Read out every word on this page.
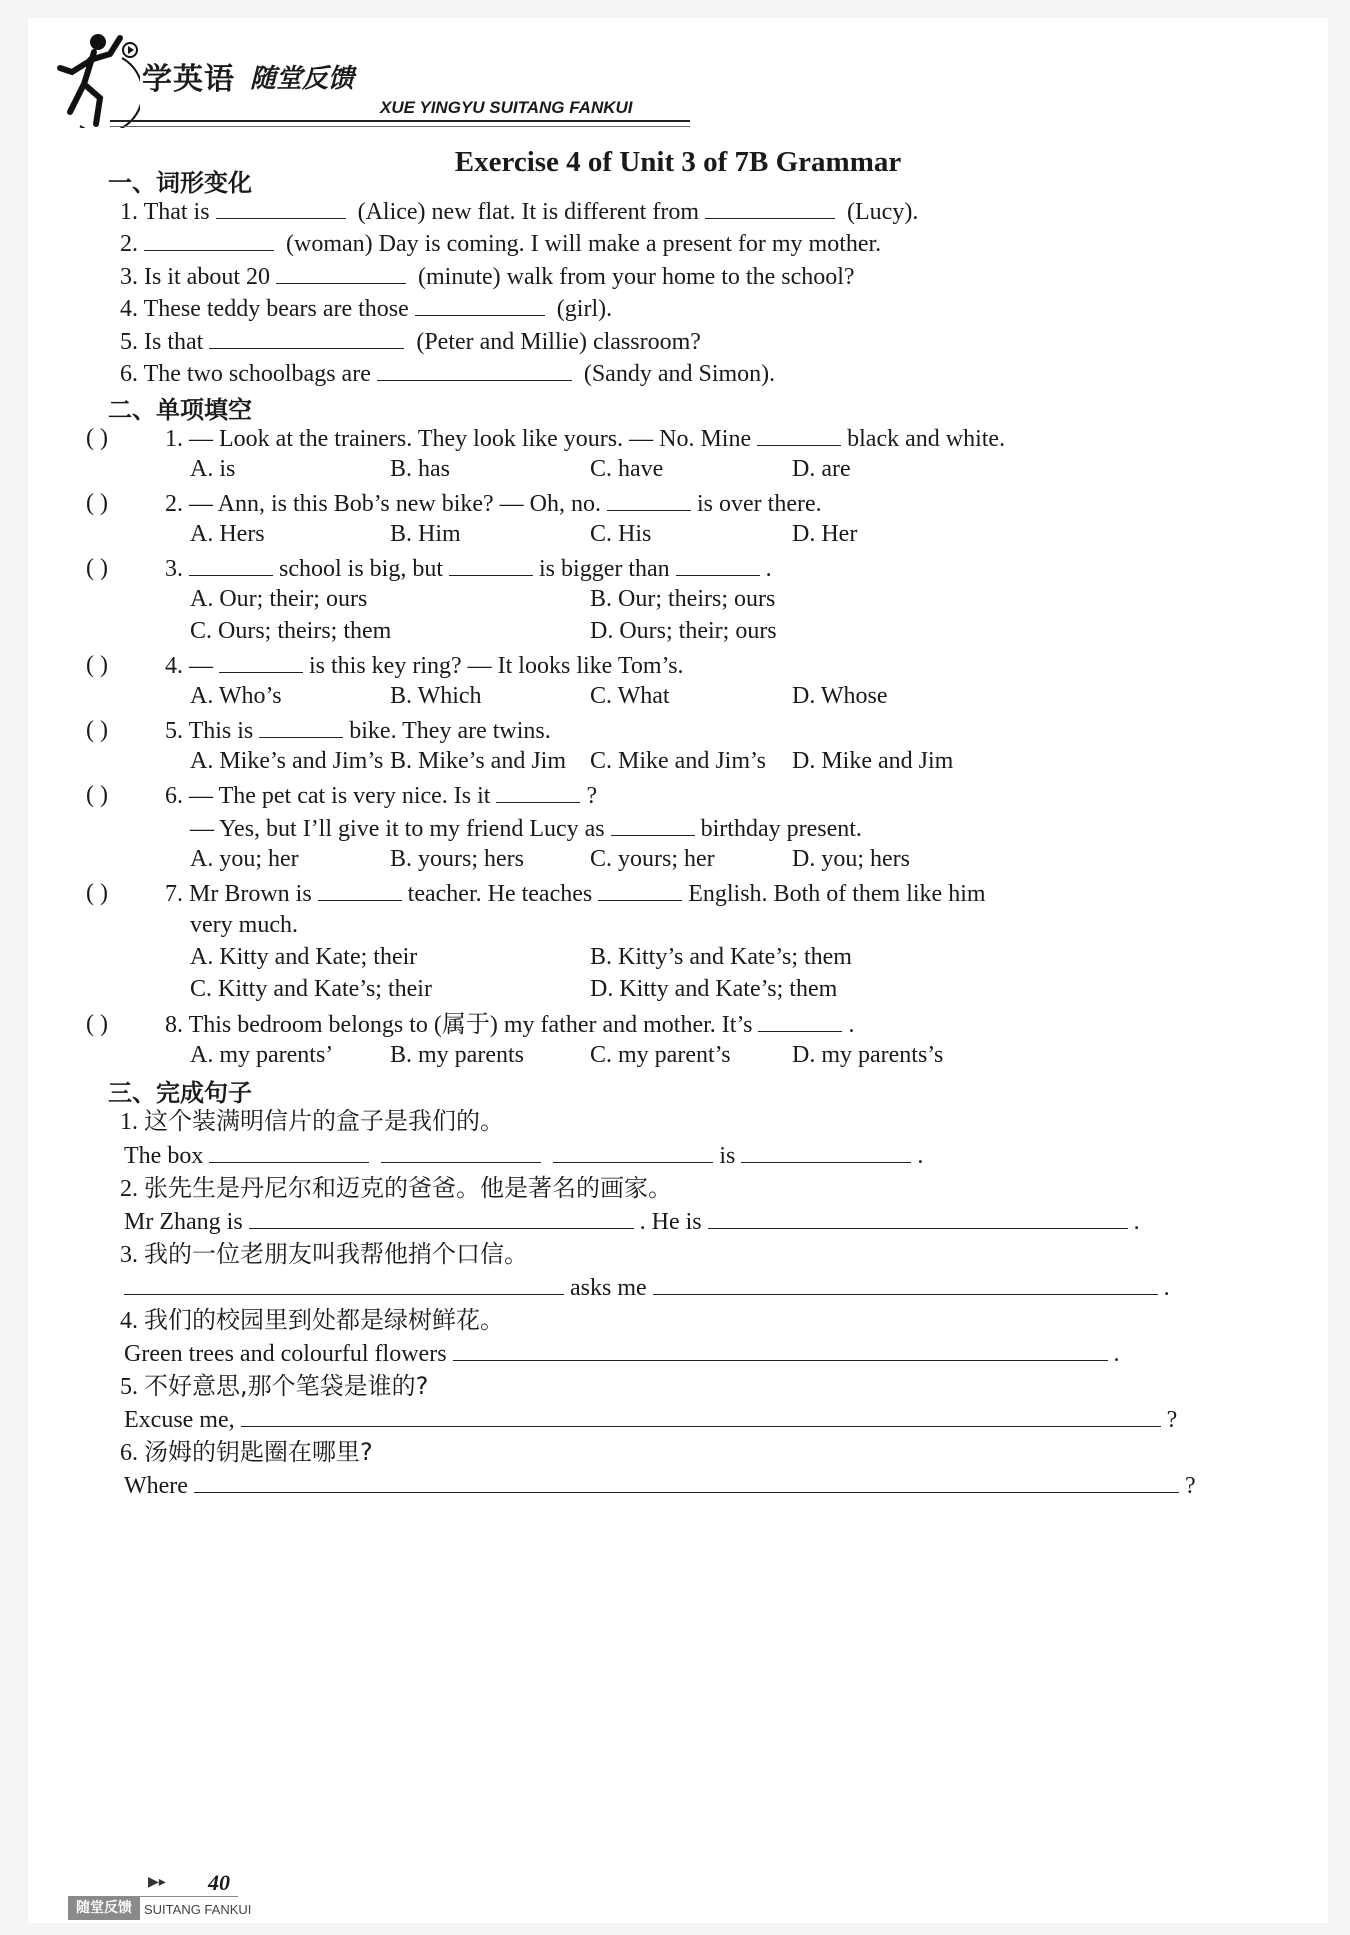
学英语 随堂反馈
XUE YINGYU SUITANG FANKUI
Exercise 4 of Unit 3 of 7B Grammar
一、词形变化
1. That is	(Alice) new flat. It is different from	(Lucy).
2.	(woman) Day is coming. I will make a present for my mother.
3. Is it about 20	(minute) walk from your home to the school?
4. These teddy bears are those	(girl).
5. Is that	(Peter and Millie) classroom?
6. The two schoolbags are	(Sandy and Simon).
二、单项填空
( ) 1. — Look at the trainers. They look like yours. — No. Mine	black and white.
A. is	B. has	C. have	D. are
( ) 2. — Ann, is this Bob’s new bike? — Oh, no.	is over there.
A. Hers	B. Him	C. His	D. Her
( ) 3.	school is big, but	is bigger than	.
A. Our; their; ours	B. Our; theirs; ours
C. Ours; theirs; them	D. Ours; their; ours
( ) 4. —	is this key ring? — It looks like Tom’s.
A. Who’s	B. Which	C. What	D. Whose
( ) 5. This is	bike. They are twins.
A. Mike’s and Jim’s B. Mike’s and Jim C. Mike and Jim’s D. Mike and Jim
( ) 6. — The pet cat is very nice. Is it	?
— Yes, but I’ll give it to my friend Lucy as	birthday present.
A. you; her	B. yours; hers	C. yours; her	D. you; hers
( ) 7. Mr Brown is	teacher. He teaches	English. Both of them like him
very much.
A. Kitty and Kate; their	B. Kitty’s and Kate’s; them
C. Kitty and Kate’s; their	D. Kitty and Kate’s; them
( ) 8. This bedroom belongs to (属于) my father and mother. It’s	.
A. my parents’ B. my parents	C. my parent’s	D. my parents’s
三、完成句子
1. 这个装满明信片的盒子是我们的。
The box	is	.
2. 张先生是丹尼尔和迈克的爸爸。他是著名的画家。
Mr Zhang is	. He is	.
3. 我的一位老朋友叫我帮他捎个口信。
asks me	.
4. 我们的校园里到处都是绿树鲜花。
Green trees and colourful flowers	.
5. 不好意思,那个笔袋是谁的?
Excuse me,	?
6. 汤姆的钥匙圈在哪里?
Where	?
▶▸ 40
随堂反馈 SUITANG FANKUI
